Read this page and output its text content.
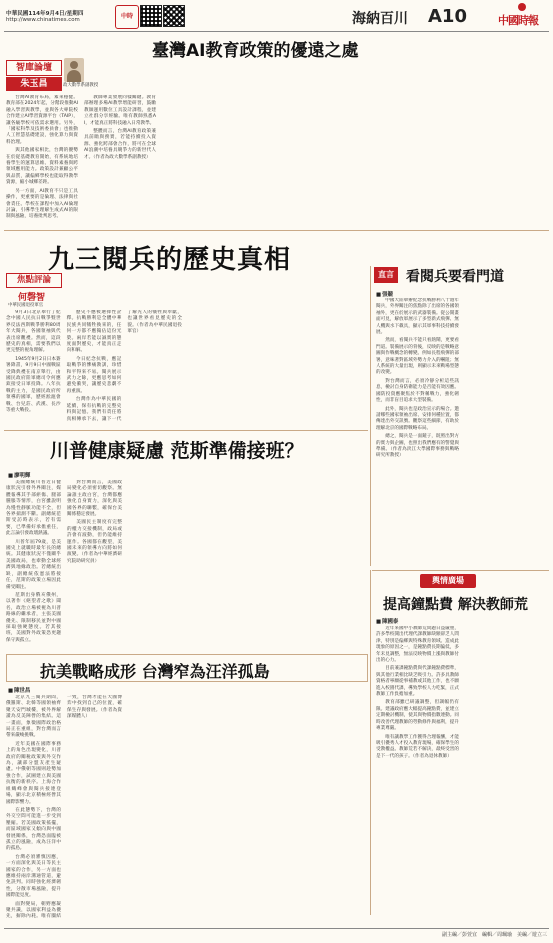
中華民國114年9月4日/星期四
http://www.chinatimes.com	中時	海納百川 A10	中國時報
臺灣AI教育政策的優遠之處
智庫論壇
朱玉昌	政大數學系副教授

台灣AI教育布局，素來穩健。教育部在2024年起，分階段推動AI融入學習與教學，並與各大專院校合作建立AI學習資源平台（TAIP），讓各級學校可依需求選用。另外，「國家科學及技術委員會」也推動人工智慧基礎建設，強化算力與資料治理。

與其他國家相比，台灣的優勢在於從基礎教育開始，有系統地培養學生的運算思維、資料素養與跨領域應用能力。政策設計兼顧公平與品質，讓偏鄉學校也能取得教學資源，縮小城鄉差距。

另一方面，AI教育不只是工具操作，更重要的是倫理、法律與社會責任。學校在課程中加入AI倫理討論，引導學生理解生成式AI的限制與風險，培養批判思考。

教師專業發展同樣關鍵。教育部辦理多場AI教學增能研習，鼓勵教師運用數位工具設計課程，並建立社群分享經驗。唯有教師熟悉AI，才能真正將科技融入日常教學。

整體而言，台灣AI教育政策兼具前瞻與務實，若能持續投入資源、強化跨部會合作，將可在全球AI浪潮中培養具競爭力的新世代人才。（作者為政大數學系副教授）

九三閱兵的歷史真相
焦點評論
何磬智
中華民國退役軍官

9月3日北京舉行了紀念中國人民抗日戰爭暨世界反法西斯戰爭勝利80周年大閱兵，各國領袖與代表出席觀禮。然而，這段歷史的真相，需要我們以更完整的視角理解。

1945年9月2日日本簽署降書，9月9日中國戰區受降典禮在南京舉行，由國民政府陸軍總司令何應欽接受日軍投降。八年抗戰的主力，是國民政府所領導的國軍，歷經淞滬會戰、台兒莊、武漢、長沙等重大戰役。

歷史不應被選擇性詮釋。抗戰勝利是全體中華民族共同犧牲換來的，任何一方都不應獨佔這份光榮。兩岸若能以誠實的態度面對歷史，才能真正走向和解。

今日紀念抗戰，應記取戰爭的慘痛教訓，珍惜和平得來不易。閱兵展示武力之餘，更應思考如何避免衝突，讓歷史悲劇不再重演。

台灣作為中華民國的延續，保有抗戰的完整史料與記憶。我們有責任將真相傳承下去，讓下一代了解先人的犧牲與奉獻，也讓世界看見歷史的全貌。（作者為中華民國退役軍官）

直言 看閱兵要看門道
■ 張競

中國大陸舉辦紀念抗戰勝利八十週年閱兵，外界關注的焦點除了出席的各國領袖外，更在於展示的武器裝備。從公開畫面可見，解放軍展示了多型新式飛彈、無人機與水下載具，顯示其軍事科技持續發展。

然而，看閱兵不能只看熱鬧，更要看門道。裝備展示的背後，反映的是戰略意圖與作戰概念的轉變。例如長程飛彈的部署，意味著對區域外勢力介入的嚇阻；無人系統的大量出現，則顯示未來戰場型態的改變。

對台灣而言，必須冷靜分析這些訊息，檢討自身防衛能力是否能有效因應。國防投資應聚焦於不對稱戰力，強化韌性，而非盲目追求大型裝備。

此外，閱兵也是政治宣示的場合。邀請哪些國家領袖出席、安排何種位置，都傳達出外交訊號。觀察這些細節，有助於理解北京的國際戰略布局。

總之，閱兵是一面鏡子，既照出對方的實力與企圖，也照出我們應有的警覺與準備。（作者為淡江大學國際事務與戰略研究所教授）

川普健康疑慮 范斯準備接班？
■ 廖明輝

美國總統川普近日健康狀況引發外界關注，媒體報導其手部瘀傷、腿部腫脹等情形，白宮雖說明為慢性靜脈功能不全，但各界揣測不斷。副總統范斯受訪時表示，若有需要，已準備好承擔重任，此言論引發政壇熱議。

川普年屆79歲，是美國史上就職時最年長的總統。其健康狀況不僅關乎美國政局，也牽動全球經濟與地緣政治。若總統出缺，副總統依憲法將接任，范斯的政策立場因此備受關注。

范斯出身俄亥俄州，以著作《絕望者之歌》聞名，政治立場被視為川普路線的繼承者，主張美國優先、限制移民並對中國採取強硬態度。若其接班，美國對外政策恐更趨保守與孤立。

對台灣而言，美國政局變化必須密切觀察。無論誰主政白宮，台灣都應強化自身實力，深化與美國各界的聯繫，確保台美關係穩定發展。

美國民主制度有完整的權力交接機制，政局或許會有波動，但仍能維持運作。各國都在觀望，美國未來的領導方向將如何演變。（作者為中華經濟研究院助研究員）

輿情廣場
提高鐘點費 解決教師荒
■ 陳國泰

近年來國中小教師荒問題日益嚴重，許多學校開出代理代課教師缺額卻乏人問津，特別是偏鄉與特殊教育領域。造成此現象的原因之一，是鐘點費長期偏低，多年未見調整，無法反映物價上漲與教師付出的心力。

目前兼課鐘點費與代課鐘點費標準，與其他行業相比缺乏吸引力。許多具教師資格者寧願從事補教或其他工作，也不願進入校園代課，導致學校人力吃緊，正式教師工作負擔加重。

教育部雖已研議調整，但調幅仍有限。建議政府應大幅提高鐘點費，並建立定期檢討機制，使其與物價指數連動。同時改善代理教師的勞動條件與福利，提升專業尊嚴。

唯有讓教學工作獲得合理報酬，才能吸引優秀人才投入教育現場，確保學生的受教權益。教師荒若不解決，最終受害的是下一代的孩子。（作者為退休教師）

抗美戰略成形 台灣窄為汪洋孤島
■ 陳世昌

北京九三閱兵期間，俄羅斯、北韓等國領袖齊聚天安門城樓，被外界解讀為反美陣營的集結。這一畫面，象徵國際政治格局正在重組，對台灣而言帶來嚴峻挑戰。

近年美國在國際事務上的角色出現變化，川普政府的關稅政策與外交作為，讓部分盟友產生疑慮。中俄朝等國則趁勢加強合作，試圖建立與美國抗衡的新秩序。上海合作組織峰會與閱兵接連登場，顯示北京積極經營其國際影響力。

在此態勢下，台灣的外交空間可能進一步受到壓縮。若美國政策搖擺，而區域國家又傾向與中國發展關係，台灣恐面臨被孤立的風險，成為汪洋中的孤島。

台灣必須審慎因應，一方面深化與美日等民主國家的合作，另一方面也應維持兩岸溝通管道，避免誤判。同時強化經濟韌性，分散市場風險，提升國際能見度。

面對變局，朝野應凝聚共識，以國家利益為優先，摒除內耗。唯有團結一致，台灣才能在大國博弈中找到自己的位置，確保生存與發展。（作者為資深媒體人）

副主編／彭萱宜　編輯／周珮瑜　美編／遊立三
